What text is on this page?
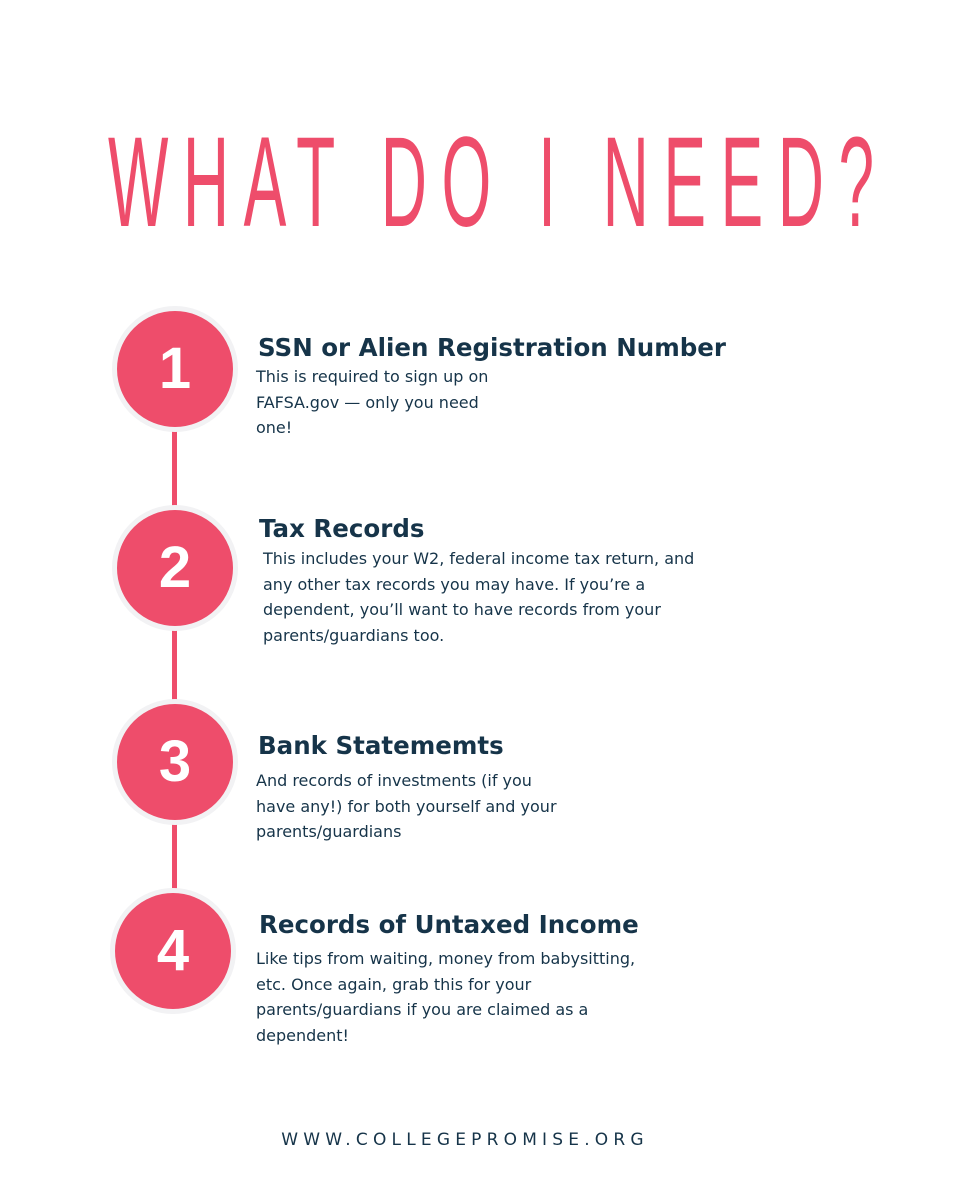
WHAT DO I NEED?
1	SSN or Alien Registration Number

This is required to sign up on FAFSA.gov — only you need one!

2
Tax Records

This includes your W2, federal income tax return, and any other tax records you may have. If you’re a dependent, you’ll want to have records from your parents/guardians too.

3	Bank Statememts

And records of investments (if you have any!) for both yourself and your parents/guardians

4	Records of Untaxed Income

Like tips from waiting, money from babysitting, etc. Once again, grab this for your parents/guardians if you are claimed as a dependent!

WWW.COLLEGEPROMISE.ORG
